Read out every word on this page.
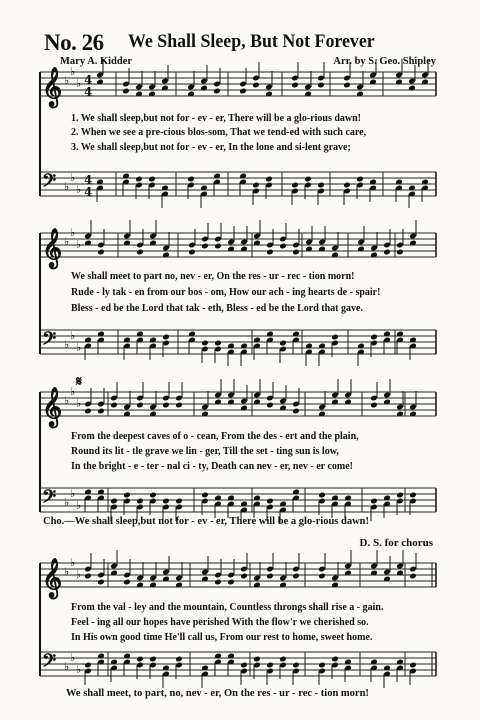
No. 26 We Shall Sleep, But Not Forever
Mary A. Kidder	Arr. by S. Geo. Shipley
D. S. for chorus
𝄞 ♭
♭
♭ 4
4
𝄢 ♭
♭
♭
4
4
𝄞 ♭
♭
♭
𝄢 ♭
♭
♭
𝄞 ♭
♭
♭
𝄢 ♭
♭
♭
𝄋
𝄞 ♭
♭
♭
𝄢 ♭
♭
♭
1. We shall sleep,but not for - ev - er, There will be a glo-rious dawn!
2. When we see a pre-cious blos-som, That we tend-ed with such care,
3. We shall sleep,but not for - ev - er, In the lone and si-lent grave;
We shall meet to part no, nev - er, On the res - ur - rec - tion morn!
Rude - ly tak - en from our bos - om, How our ach - ing hearts de - spair!
Bless - ed be the Lord that tak - eth, Bless - ed be the Lord that gave.
From the deepest caves of o - cean, From the des - ert and the plain,
Round its lit - tle grave we lin - ger, Till the set - ting sun is low,
In the bright - e - ter - nal ci - ty, Death can nev - er, nev - er come!
Cho.—We shall sleep,but not for - ev - er, There will be a glo-rious dawn!
From the val - ley and the mountain, Countless throngs shall rise a - gain.
Feel - ing all our hopes have perished With the flow'r we cherished so.
In His own good time He'll call us, From our rest to home, sweet home.
We shall meet, to part, no, nev - er, On the res - ur - rec - tion morn!
